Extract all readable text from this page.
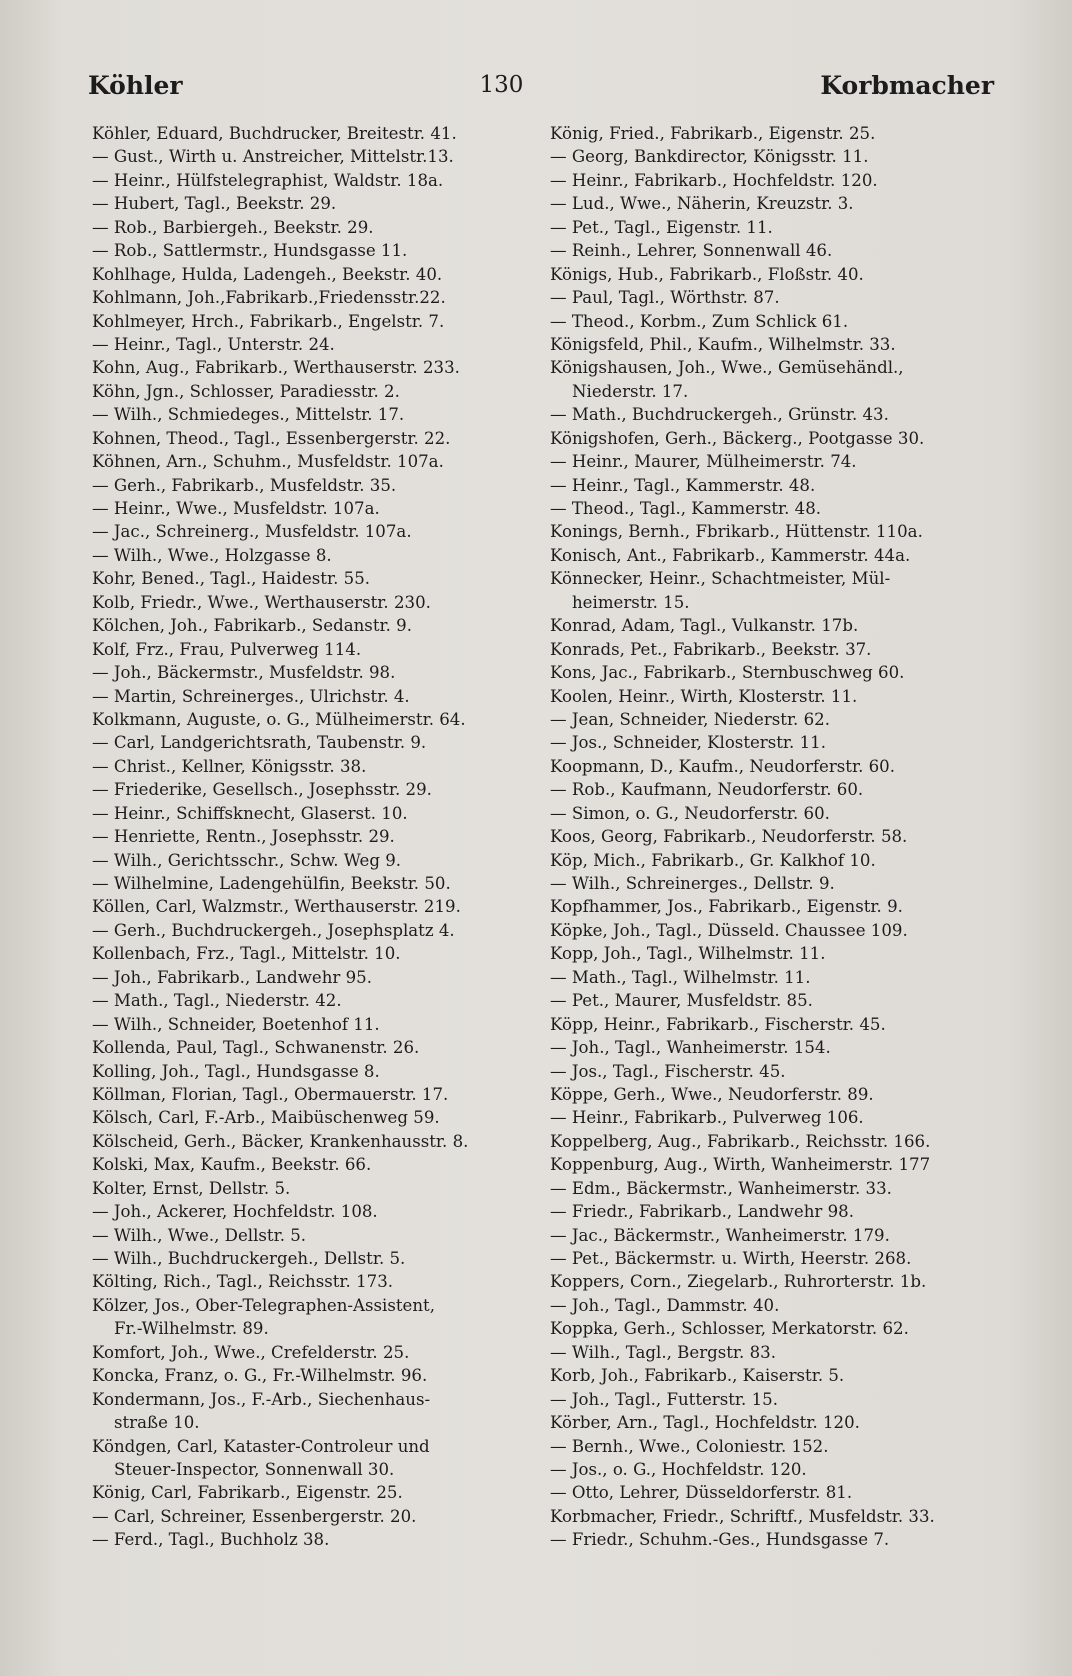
Köhler	130	Korbmacher
Köhler, Eduard, Buchdrucker, Breitestr. 41.
— Gust., Wirth u. Anstreicher, Mittelstr.13.
— Heinr., Hülfstelegraphist, Waldstr. 18a.
— Hubert, Tagl., Beekstr. 29.
— Rob., Barbiergeh., Beekstr. 29.
— Rob., Sattlermstr., Hundsgasse 11.
Kohlhage, Hulda, Ladengeh., Beekstr. 40.
Kohlmann, Joh.,Fabrikarb.,Friedensstr.22.
Kohlmeyer, Hrch., Fabrikarb., Engelstr. 7.
— Heinr., Tagl., Unterstr. 24.
Kohn, Aug., Fabrikarb., Werthauserstr. 233.
Köhn, Jgn., Schlosser, Paradiesstr. 2.
— Wilh., Schmiedeges., Mittelstr. 17.
Kohnen, Theod., Tagl., Essenbergerstr. 22.
Köhnen, Arn., Schuhm., Musfeldstr. 107a.
— Gerh., Fabrikarb., Musfeldstr. 35.
— Heinr., Wwe., Musfeldstr. 107a.
— Jac., Schreinerg., Musfeldstr. 107a.
— Wilh., Wwe., Holzgasse 8.
Kohr, Bened., Tagl., Haidestr. 55.
Kolb, Friedr., Wwe., Werthauserstr. 230.
Kölchen, Joh., Fabrikarb., Sedanstr. 9.
Kolf, Frz., Frau, Pulverweg 114.
— Joh., Bäckermstr., Musfeldstr. 98.
— Martin, Schreinerges., Ulrichstr. 4.
Kolkmann, Auguste, o. G., Mülheimerstr. 64.
— Carl, Landgerichtsrath, Taubenstr. 9.
— Christ., Kellner, Königsstr. 38.
— Friederike, Gesellsch., Josephsstr. 29.
— Heinr., Schiffsknecht, Glaserst. 10.
— Henriette, Rentn., Josephsstr. 29.
— Wilh., Gerichtsschr., Schw. Weg 9.
— Wilhelmine, Ladengehülfin, Beekstr. 50.
Köllen, Carl, Walzmstr., Werthauserstr. 219.
— Gerh., Buchdruckergeh., Josephsplatz 4.
Kollenbach, Frz., Tagl., Mittelstr. 10.
— Joh., Fabrikarb., Landwehr 95.
— Math., Tagl., Niederstr. 42.
— Wilh., Schneider, Boetenhof 11.
Kollenda, Paul, Tagl., Schwanenstr. 26.
Kolling, Joh., Tagl., Hundsgasse 8.
Köllman, Florian, Tagl., Obermauerstr. 17.
Kölsch, Carl, F.-Arb., Maibüschenweg 59.
Kölscheid, Gerh., Bäcker, Krankenhausstr. 8.
Kolski, Max, Kaufm., Beekstr. 66.
Kolter, Ernst, Dellstr. 5.
— Joh., Ackerer, Hochfeldstr. 108.
— Wilh., Wwe., Dellstr. 5.
— Wilh., Buchdruckergeh., Dellstr. 5.
Költing, Rich., Tagl., Reichsstr. 173.
Kölzer, Jos., Ober-Telegraphen-Assistent,
Fr.-Wilhelmstr. 89.
Komfort, Joh., Wwe., Crefelderstr. 25.
Koncka, Franz, o. G., Fr.-Wilhelmstr. 96.
Kondermann, Jos., F.-Arb., Siechenhaus-
straße 10.
Köndgen, Carl, Kataster-Controleur und
Steuer-Inspector, Sonnenwall 30.
König, Carl, Fabrikarb., Eigenstr. 25.
— Carl, Schreiner, Essenbergerstr. 20.
— Ferd., Tagl., Buchholz 38.
König, Fried., Fabrikarb., Eigenstr. 25.
— Georg, Bankdirector, Königsstr. 11.
— Heinr., Fabrikarb., Hochfeldstr. 120.
— Lud., Wwe., Näherin, Kreuzstr. 3.
— Pet., Tagl., Eigenstr. 11.
— Reinh., Lehrer, Sonnenwall 46.
Königs, Hub., Fabrikarb., Floßstr. 40.
— Paul, Tagl., Wörthstr. 87.
— Theod., Korbm., Zum Schlick 61.
Königsfeld, Phil., Kaufm., Wilhelmstr. 33.
Königshausen, Joh., Wwe., Gemüsehändl.,
Niederstr. 17.
— Math., Buchdruckergeh., Grünstr. 43.
Königshofen, Gerh., Bäckerg., Pootgasse 30.
— Heinr., Maurer, Mülheimerstr. 74.
— Heinr., Tagl., Kammerstr. 48.
— Theod., Tagl., Kammerstr. 48.
Konings, Bernh., Fbrikarb., Hüttenstr. 110a.
Konisch, Ant., Fabrikarb., Kammerstr. 44a.
Könnecker, Heinr., Schachtmeister, Mül-
heimerstr. 15.
Konrad, Adam, Tagl., Vulkanstr. 17b.
Konrads, Pet., Fabrikarb., Beekstr. 37.
Kons, Jac., Fabrikarb., Sternbuschweg 60.
Koolen, Heinr., Wirth, Klosterstr. 11.
— Jean, Schneider, Niederstr. 62.
— Jos., Schneider, Klosterstr. 11.
Koopmann, D., Kaufm., Neudorferstr. 60.
— Rob., Kaufmann, Neudorferstr. 60.
— Simon, o. G., Neudorferstr. 60.
Koos, Georg, Fabrikarb., Neudorferstr. 58.
Köp, Mich., Fabrikarb., Gr. Kalkhof 10.
— Wilh., Schreinerges., Dellstr. 9.
Kopfhammer, Jos., Fabrikarb., Eigenstr. 9.
Köpke, Joh., Tagl., Düsseld. Chaussee 109.
Kopp, Joh., Tagl., Wilhelmstr. 11.
— Math., Tagl., Wilhelmstr. 11.
— Pet., Maurer, Musfeldstr. 85.
Köpp, Heinr., Fabrikarb., Fischerstr. 45.
— Joh., Tagl., Wanheimerstr. 154.
— Jos., Tagl., Fischerstr. 45.
Köppe, Gerh., Wwe., Neudorferstr. 89.
— Heinr., Fabrikarb., Pulverweg 106.
Koppelberg, Aug., Fabrikarb., Reichsstr. 166.
Koppenburg, Aug., Wirth, Wanheimerstr. 177
— Edm., Bäckermstr., Wanheimerstr. 33.
— Friedr., Fabrikarb., Landwehr 98.
— Jac., Bäckermstr., Wanheimerstr. 179.
— Pet., Bäckermstr. u. Wirth, Heerstr. 268.
Koppers, Corn., Ziegelarb., Ruhrorterstr. 1b.
— Joh., Tagl., Dammstr. 40.
Koppka, Gerh., Schlosser, Merkatorstr. 62.
— Wilh., Tagl., Bergstr. 83.
Korb, Joh., Fabrikarb., Kaiserstr. 5.
— Joh., Tagl., Futterstr. 15.
Körber, Arn., Tagl., Hochfeldstr. 120.
— Bernh., Wwe., Coloniestr. 152.
— Jos., o. G., Hochfeldstr. 120.
— Otto, Lehrer, Düsseldorferstr. 81.
Korbmacher, Friedr., Schriftf., Musfeldstr. 33.
— Friedr., Schuhm.-Ges., Hundsgasse 7.
